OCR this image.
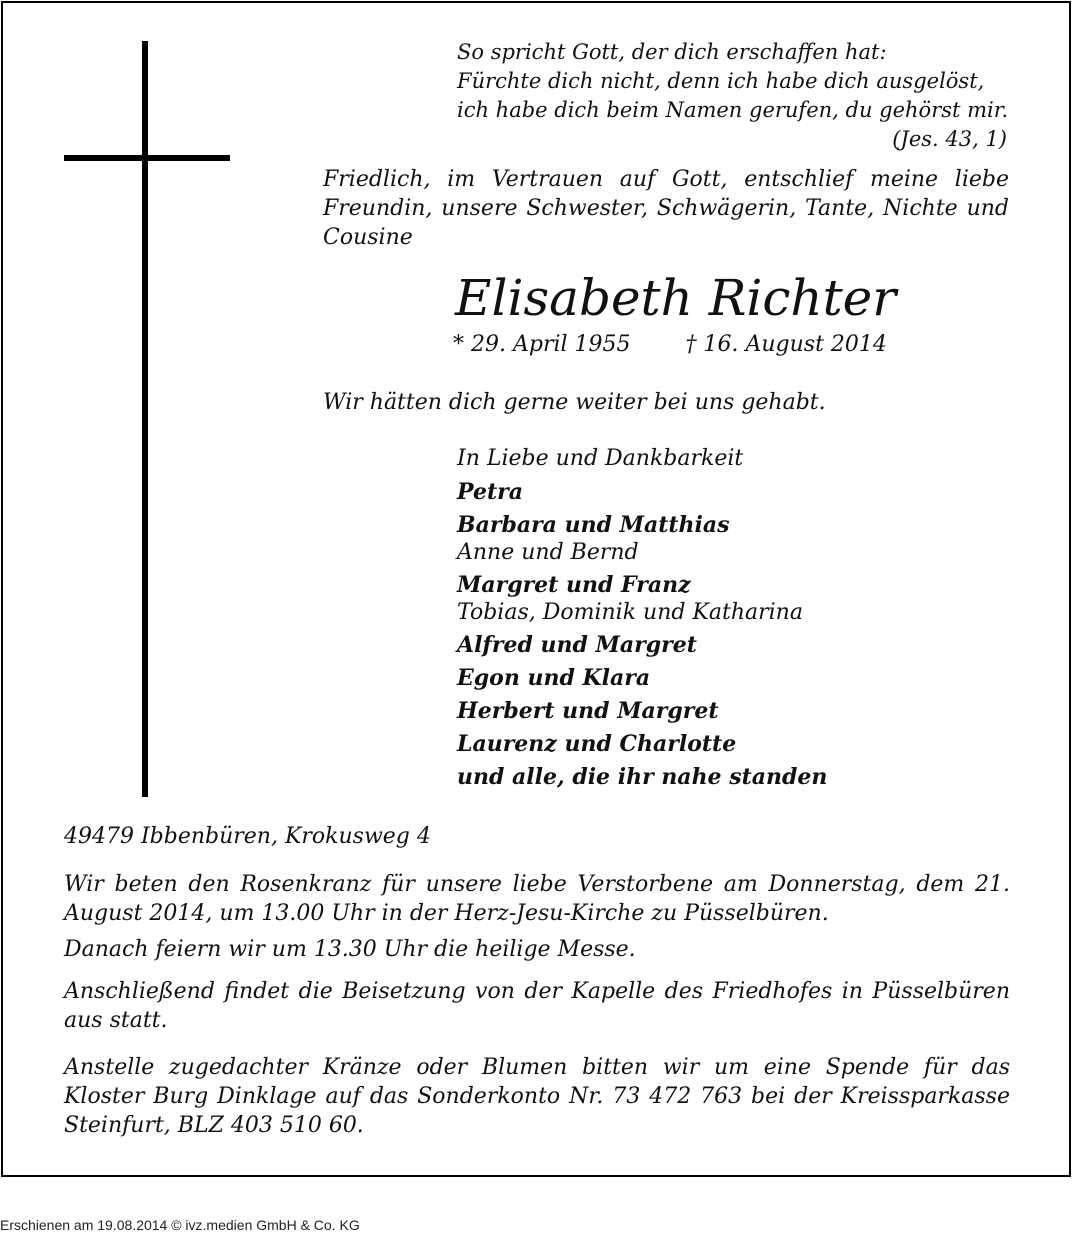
So spricht Gott, der dich erschaffen hat:
Fürchte dich nicht, denn ich habe dich ausgelöst,
ich habe dich beim Namen gerufen, du gehörst mir.
(Jes. 43, 1)
Friedlich, im Vertrauen auf Gott, entschlief meine liebe Freundin, unsere Schwester, Schwägerin, Tante, Nichte und Cousine
Elisabeth Richter
* 29. April 1955	† 16. August 2014
Wir hätten dich gerne weiter bei uns gehabt.
In Liebe und Dankbarkeit
Petra
Barbara und Matthias
Anne und Bernd
Margret und Franz
Tobias, Dominik und Katharina
Alfred und Margret
Egon und Klara
Herbert und Margret
Laurenz und Charlotte
und alle, die ihr nahe standen
49479 Ibbenbüren, Krokusweg 4
Wir beten den Rosenkranz für unsere liebe Verstorbene am Donnerstag, dem 21. August 2014, um 13.00 Uhr in der Herz-Jesu-Kirche zu Püsselbüren.
Danach feiern wir um 13.30 Uhr die heilige Messe.
Anschließend findet die Beisetzung von der Kapelle des Friedhofes in Püsselbüren aus statt.
Anstelle zugedachter Kränze oder Blumen bitten wir um eine Spende für das Kloster Burg Dinklage auf das Sonderkonto Nr. 73 472 763 bei der Kreissparkasse Steinfurt, BLZ 403 510 60.
Erschienen am 19.08.2014 © ivz.medien GmbH & Co. KG
